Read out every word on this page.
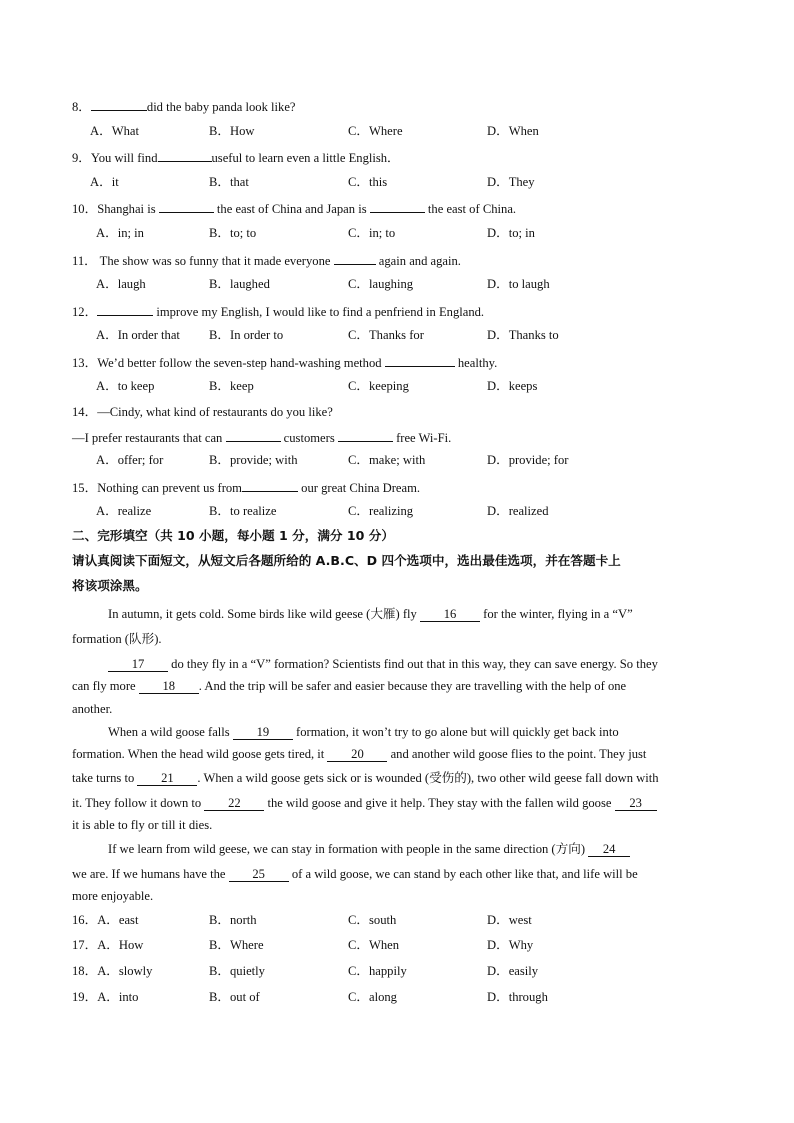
8．	did the baby panda look like?
A．What	B．How	C．Where	D．When
9．You will find	useful to learn even a little English．
A．it	B．that	C．this	D．They
10．Shanghai is	the east of China and Japan is	the east of China.
A．in; in	B．to; to	C．in; to	D．to; in
11． The show was so funny that it made everyone	again and again.
A．laugh	B．laughed	C．laughing	D．to laugh
12．	improve my English, I would like to find a penfriend in England.
A．In order that B．In order to	C．Thanks for	D．Thanks to
13．We’d better follow the seven-step hand-washing method	healthy.
A．to keep	B．keep	C．keeping	D．keeps
14．—Cindy, what kind of restaurants do you like?
—I prefer restaurants that can	customers	free Wi-Fi.
A．offer; for	B．provide; with	C．make; with	D．provide; for
15．Nothing can prevent us from	our great China Dream.
A．realize	B．to realize	C．realizing	D．realized
二、完形填空（共 10 小题，每小题 1 分，满分 10 分）
请认真阅读下面短文，从短文后各题所给的 A.B.C、D 四个选项中，选出最佳选项，并在答题卡上
将该项涂黑。
In autumn, it gets cold. Some birds like wild geese (大雁) fly 16 for the winter, flying in a “V”
formation (队形).
17 do they fly in a “V” formation? Scientists find out that in this way, they can save energy. So they
can fly more 18 . And the trip will be safer and easier because they are travelling with the help of one
another.
When a wild goose falls 19 formation, it won’t try to go alone but will quickly get back into
formation. When the head wild goose gets tired, it 20 and another wild goose flies to the point. They just
take turns to 21 . When a wild goose gets sick or is wounded (受伤的), two other wild geese fall down with
it. They follow it down to 22 the wild goose and give it help. They stay with the fallen wild goose 23
it is able to fly or till it dies.
If we learn from wild geese, we can stay in formation with people in the same direction (方向) 24
we are. If we humans have the 25 of a wild goose, we can stand by each other like that, and life will be
more enjoyable.
16．A．east	B．north	C．south	D．west
17．A．How	B．Where	C．When	D．Why
18．A．slowly	B．quietly	C．happily	D．easily
19．A．into	B．out of	C．along	D．through
